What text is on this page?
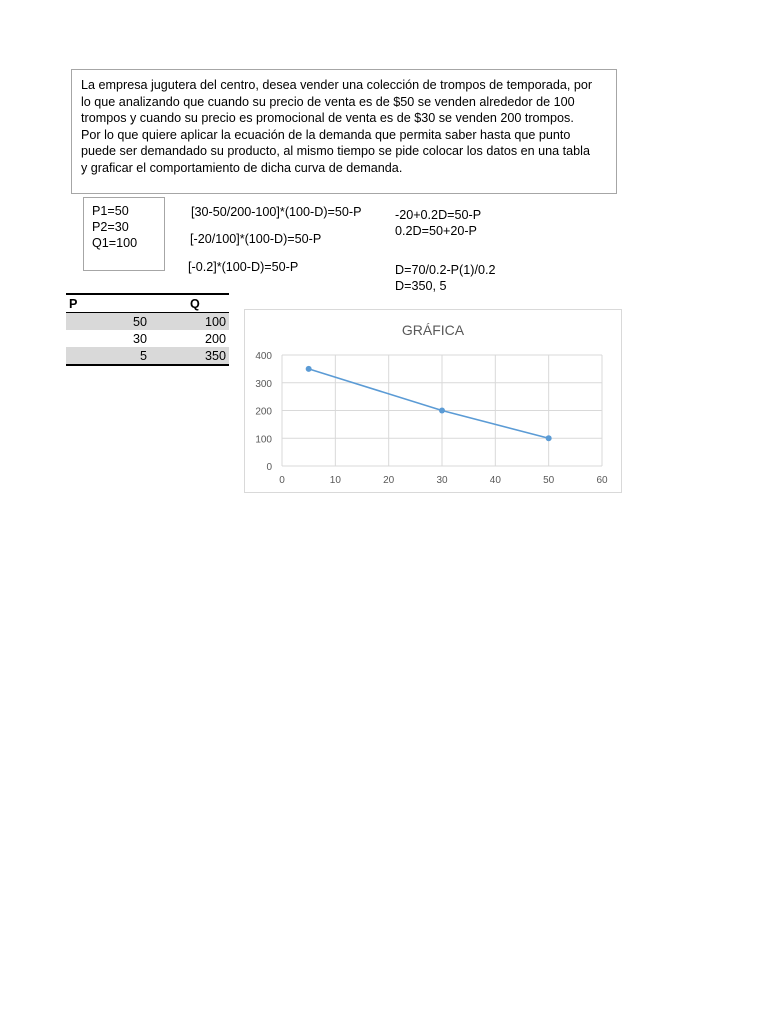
La empresa jugutera del centro, desea vender una colección de trompos de temporada, por
lo que analizando que cuando su precio de venta es de $50 se venden alrededor de 100
trompos y cuando su precio es promocional de venta es de $30 se venden 200 trompos.
Por lo que quiere aplicar la ecuación de la demanda que permita saber hasta que punto
puede ser demandado su producto, al mismo tiempo se pide colocar los datos en una tabla
y graficar el comportamiento de dicha curva de demanda.
P1=50
P2=30
Q1=100
[30-50/200-100]*(100-D)=50-P
[-20/100]*(100-D)=50-P
[-0.2]*(100-D)=50-P
-20+0.2D=50-P
0.2D=50+20-P
D=70/0.2-P(1)/0.2
D=350, 5
P	Q
50	100
30	200
5	350
GRÁFICA
0
100
200
300
400
0	10	20	30	40	50	60
